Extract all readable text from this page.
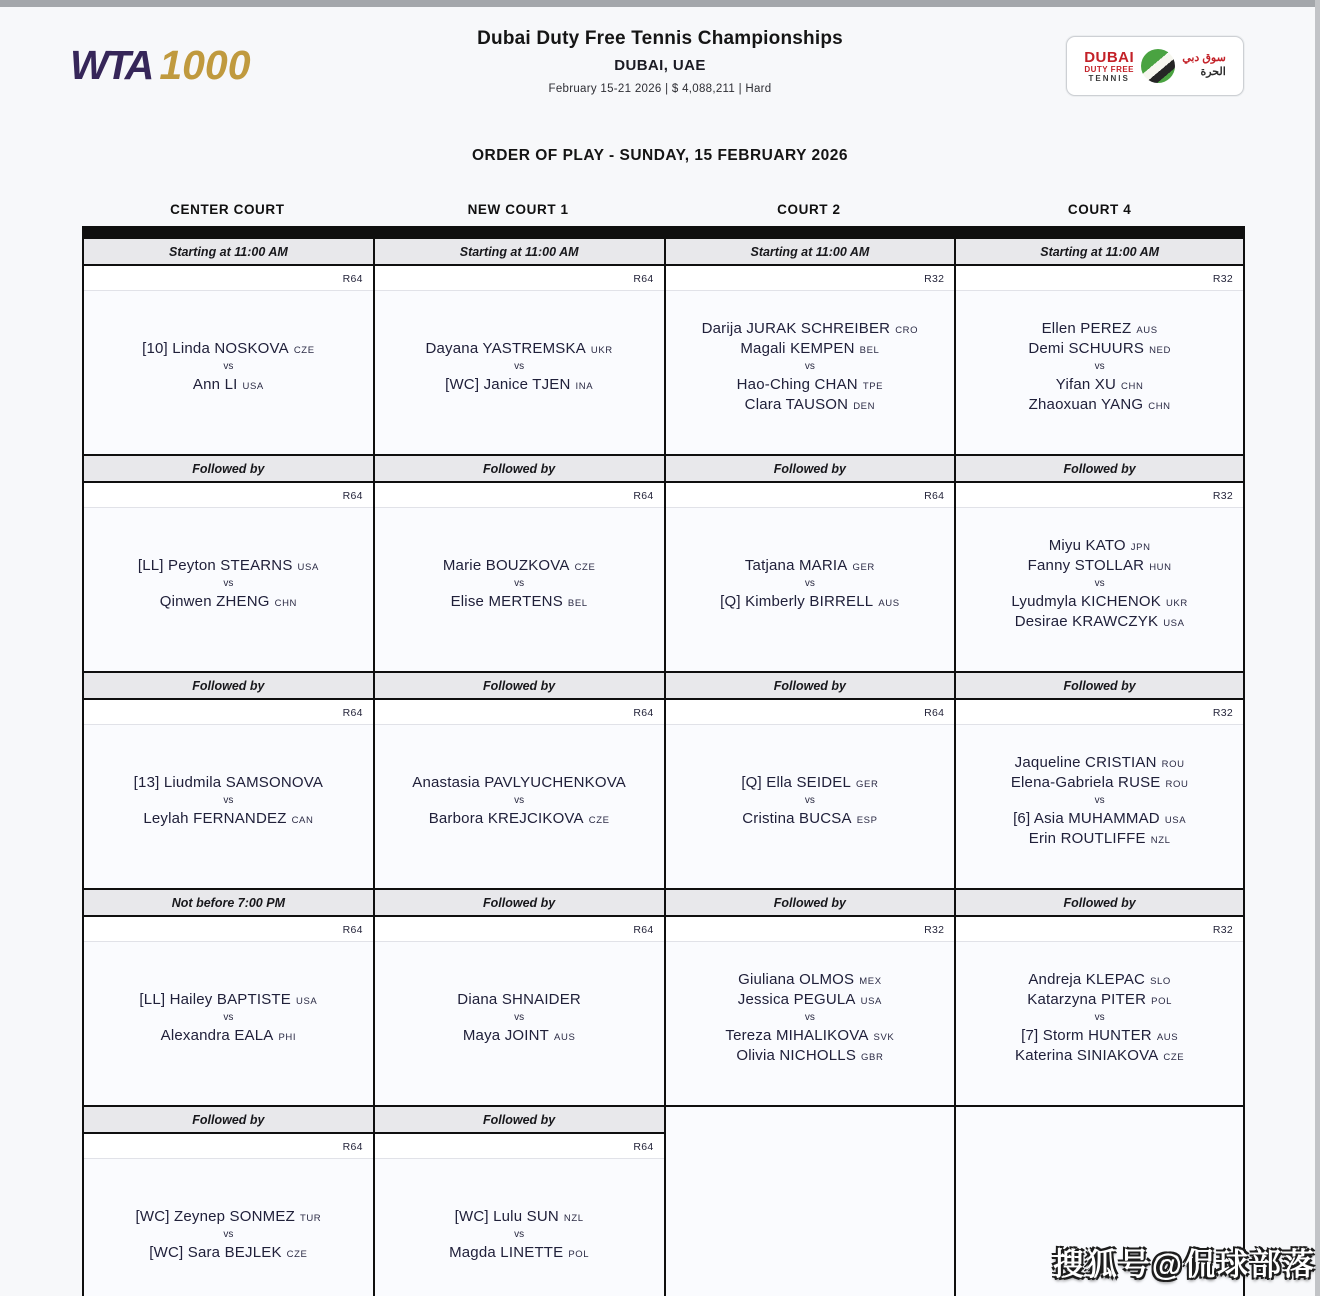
WTA 1000
Dubai Duty Free Tennis Championships
DUBAI, UAE
February 15-21 2026 | $ 4,088,211 | Hard
DUBAI
DUTY FREE
TENNIS
سوق دبي
الحرة
ORDER OF PLAY - SUNDAY, 15 FEBRUARY 2026
CENTER COURT
Starting at 11:00 AM
R64
[10] Linda NOSKOVA CZE
vs
Ann LI USA
Followed by
R64
[LL] Peyton STEARNS USA
vs
Qinwen ZHENG CHN
Followed by
R64
[13] Liudmila SAMSONOVA
vs
Leylah FERNANDEZ CAN
Not before 7:00 PM
R64
[LL] Hailey BAPTISTE USA
vs
Alexandra EALA PHI
Followed by
R64
[WC] Zeynep SONMEZ TUR
vs
[WC] Sara BEJLEK CZE
NEW COURT 1
Starting at 11:00 AM
R64
Dayana YASTREMSKA UKR
vs
[WC] Janice TJEN INA
Followed by
R64
Marie BOUZKOVA CZE
vs
Elise MERTENS BEL
Followed by
R64
Anastasia PAVLYUCHENKOVA
vs
Barbora KREJCIKOVA CZE
Followed by
R64
Diana SHNAIDER
vs
Maya JOINT AUS
Followed by
R64
[WC] Lulu SUN NZL
vs
Magda LINETTE POL
COURT 2
Starting at 11:00 AM
R32
Darija JURAK SCHREIBER CRO
Magali KEMPEN BEL
vs
Hao-Ching CHAN TPE
Clara TAUSON DEN
Followed by
R64
Tatjana MARIA GER
vs
[Q] Kimberly BIRRELL AUS
Followed by
R64
[Q] Ella SEIDEL GER
vs
Cristina BUCSA ESP
Followed by
R32
Giuliana OLMOS MEX
Jessica PEGULA USA
vs
Tereza MIHALIKOVA SVK
Olivia NICHOLLS GBR
COURT 4
Starting at 11:00 AM
R32
Ellen PEREZ AUS
Demi SCHUURS NED
vs
Yifan XU CHN
Zhaoxuan YANG CHN
Followed by
R32
Miyu KATO JPN
Fanny STOLLAR HUN
vs
Lyudmyla KICHENOK UKR
Desirae KRAWCZYK USA
Followed by
R32
Jaqueline CRISTIAN ROU
Elena-Gabriela RUSE ROU
vs
[6] Asia MUHAMMAD USA
Erin ROUTLIFFE NZL
Followed by
R32
Andreja KLEPAC SLO
Katarzyna PITER POL
vs
[7] Storm HUNTER AUS
Katerina SINIAKOVA CZE
搜狐号@侃球部落
